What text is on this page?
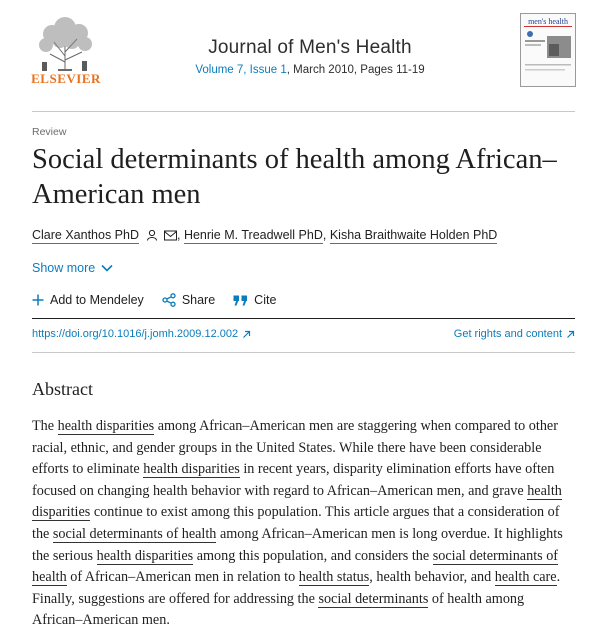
ELSEVIER
Journal of Men's Health
Volume 7, Issue 1, March 2010, Pages 11-19
men's health
Review
Social determinants of health among African–American men
Clare Xanthos PhD	, Henrie M. Treadwell PhD, Kisha Braithwaite Holden PhD
Show more
Add to Mendeley	Share	Cite
https://doi.org/10.1016/j.jomh.2009.12.002	Get rights and content
Abstract

The health disparities among African–American men are staggering when compared to other racial, ethnic, and gender groups in the United States. While there have been considerable efforts to eliminate health disparities in recent years, disparity elimination efforts have often focused on changing health behavior with regard to African–American men, and grave health disparities continue to exist among this population. This article argues that a consideration of the social determinants of health among African–American men is long overdue. It highlights the serious health disparities among this population, and considers the social determinants of health of African–American men in relation to health status, health behavior, and health care. Finally, suggestions are offered for addressing the social determinants of health among African–American men.
